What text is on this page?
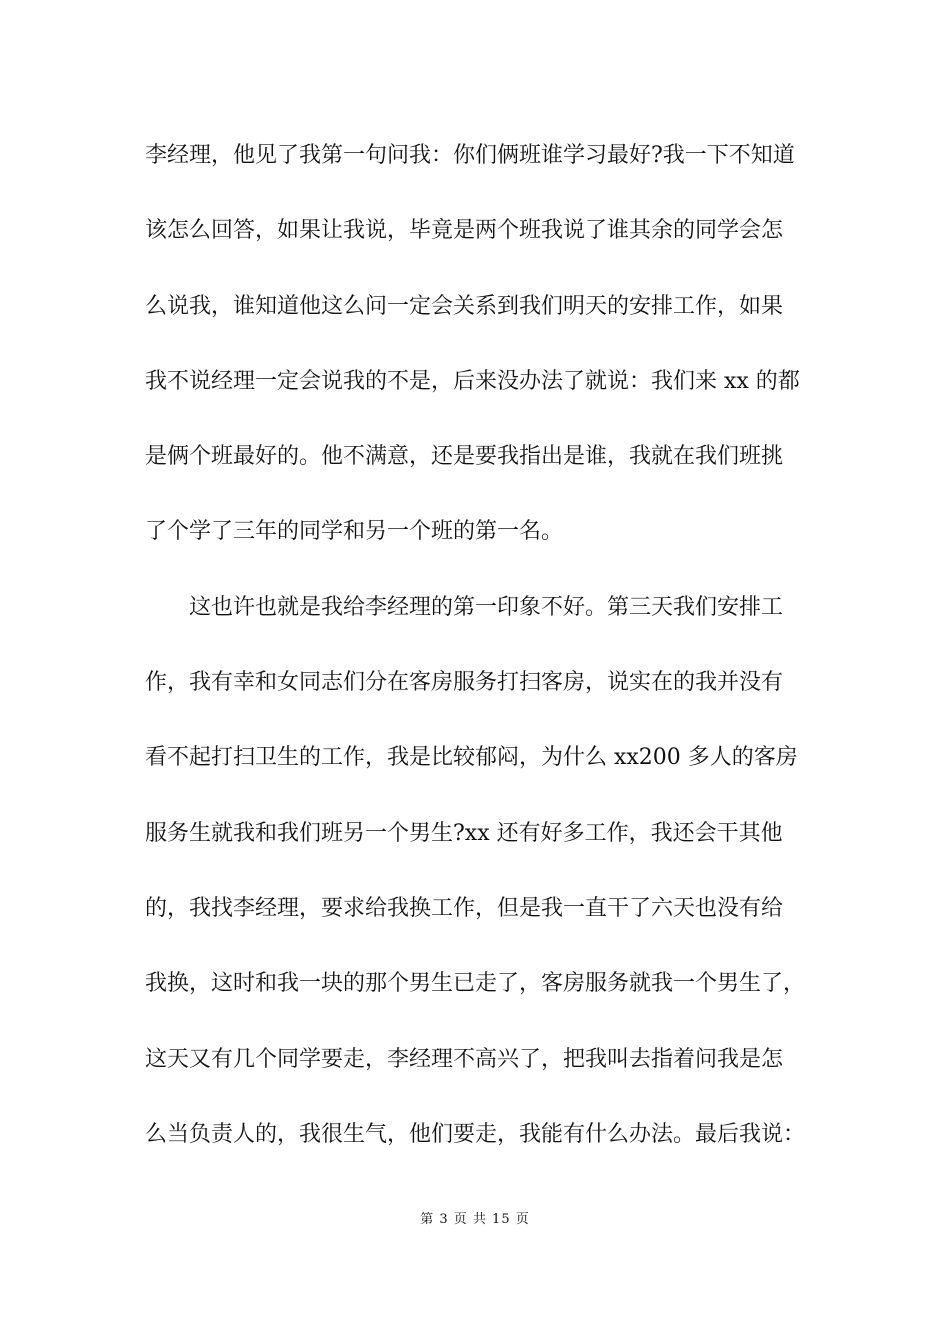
李经理，他见了我第一句问我：你们俩班谁学习最好?我一下不知道
该怎么回答，如果让我说，毕竟是两个班我说了谁其余的同学会怎
么说我，谁知道他这么问一定会关系到我们明天的安排工作，如果
我不说经理一定会说我的不是，后来没办法了就说：我们来 xx 的都
是俩个班最好的。他不满意，还是要我指出是谁，我就在我们班挑
了个学了三年的同学和另一个班的第一名。
　　这也许也就是我给李经理的第一印象不好。第三天我们安排工
作，我有幸和女同志们分在客房服务打扫客房，说实在的我并没有
看不起打扫卫生的工作，我是比较郁闷，为什么 xx200 多人的客房
服务生就我和我们班另一个男生?xx 还有好多工作，我还会干其他
的，我找李经理，要求给我换工作，但是我一直干了六天也没有给
我换，这时和我一块的那个男生已走了，客房服务就我一个男生了，
这天又有几个同学要走，李经理不高兴了，把我叫去指着问我是怎
么当负责人的，我很生气，他们要走，我能有什么办法。最后我说：
第 3 页 共 15 页
